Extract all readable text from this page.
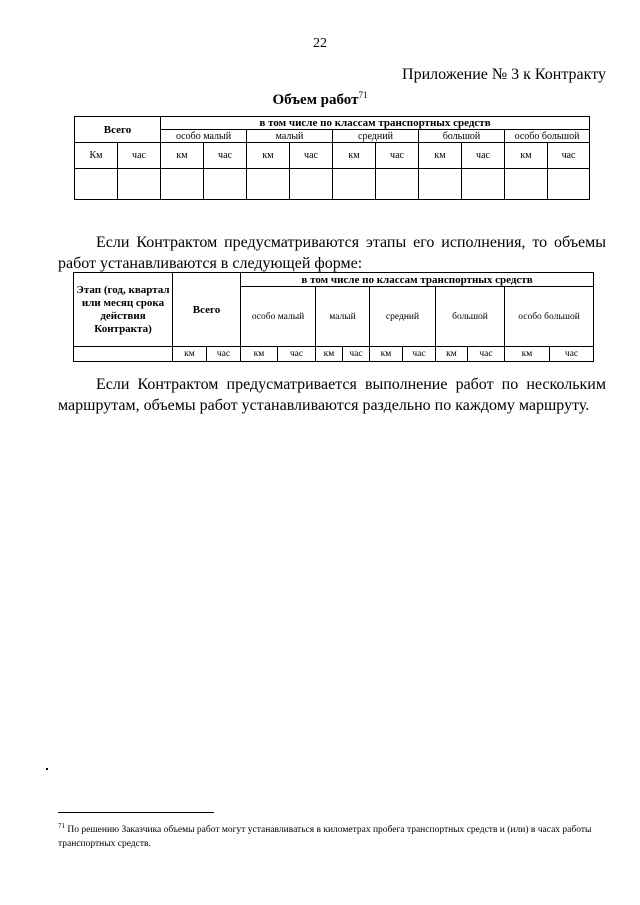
22
Приложение № 3 к Контракту
Объем работ$^{71}$
Всего		в том числе по классам транспортных средств									
		особо малый		малый		средний		большой		особо большой	
Км	час	км	час	км	час	км	час	км	час	км	час

Если Контрактом предусматриваются этапы его исполнения, то объемы работ устанавливаются в следующей форме:
Этап (год, квартал или месяц срока действия Контракта)	Всего		в том числе по классам транспортных средств									
			особо малый		малый		средний		большой		особо большой	
	км	час	км	час	км	час	км	час	км	час	км	час
Если Контрактом предусматривается выполнение работ по нескольким маршрутам, объемы работ устанавливаются раздельно по каждому маршруту.
$^{71}$ По решению Заказчика объемы работ могут устанавливаться в километрах пробега транспортных средств и (или) в часах работы транспортных средств.
